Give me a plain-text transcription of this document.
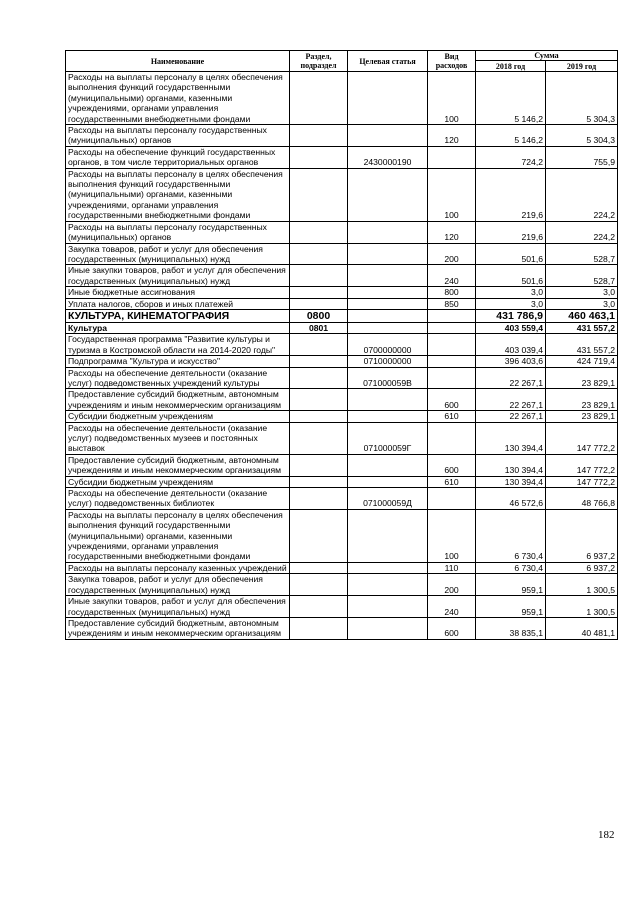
Наименование	Раздел, подраздел	Целевая статья	Вид расходов	Сумма	
				2018 год	2019 год
Расходы на выплаты персоналу в целях обеспечения выполнения функций государственными (муниципальными) органами, казенными учреждениями, органами управления государственными внебюджетными фондами			100	5 146,2	5 304,3
Расходы на выплаты персоналу государственных (муниципальных) органов			120	5 146,2	5 304,3
Расходы на обеспечение функций государственных органов, в том числе территориальных органов		2430000190		724,2	755,9
Расходы на выплаты персоналу в целях обеспечения выполнения функций государственными (муниципальными) органами, казенными учреждениями, органами управления государственными внебюджетными фондами			100	219,6	224,2
Расходы на выплаты персоналу государственных (муниципальных) органов			120	219,6	224,2
Закупка товаров, работ и услуг для обеспечения государственных (муниципальных) нужд			200	501,6	528,7
Иные закупки товаров, работ и услуг для обеспечения государственных (муниципальных) нужд			240	501,6	528,7
Иные бюджетные ассигнования			800	3,0	3,0
Уплата налогов, сборов и иных платежей			850	3,0	3,0
КУЛЬТУРА, КИНЕМАТОГРАФИЯ	0800			431 786,9	460 463,1
Культура	0801			403 559,4	431 557,2
Государственная программа "Развитие культуры и туризма в Костромской области на 2014-2020 годы"		0700000000		403 039,4	431 557,2
Подпрограмма "Культура и искусство"		0710000000		396 403,6	424 719,4
Расходы на обеспечение деятельности (оказание услуг) подведомственных учреждений культуры		071000059В		22 267,1	23 829,1
Предоставление субсидий бюджетным, автономным учреждениям и иным некоммерческим организациям			600	22 267,1	23 829,1
Субсидии бюджетным учреждениям			610	22 267,1	23 829,1
Расходы на обеспечение деятельности (оказание услуг) подведомственных музеев и постоянных выставок		071000059Г		130 394,4	147 772,2
Предоставление субсидий бюджетным, автономным учреждениям и иным некоммерческим организациям			600	130 394,4	147 772,2
Субсидии бюджетным учреждениям			610	130 394,4	147 772,2
Расходы на обеспечение деятельности (оказание услуг) подведомственных библиотек		071000059Д		46 572,6	48 766,8
Расходы на выплаты персоналу в целях обеспечения выполнения функций государственными (муниципальными) органами, казенными учреждениями, органами управления государственными внебюджетными фондами			100	6 730,4	6 937,2
Расходы на выплаты персоналу казенных учреждений			110	6 730,4	6 937,2
Закупка товаров, работ и услуг для обеспечения государственных (муниципальных) нужд			200	959,1	1 300,5
Иные закупки товаров, работ и услуг для обеспечения государственных (муниципальных) нужд			240	959,1	1 300,5
Предоставление субсидий бюджетным, автономным учреждениям и иным некоммерческим организациям			600	38 835,1	40 481,1
182
